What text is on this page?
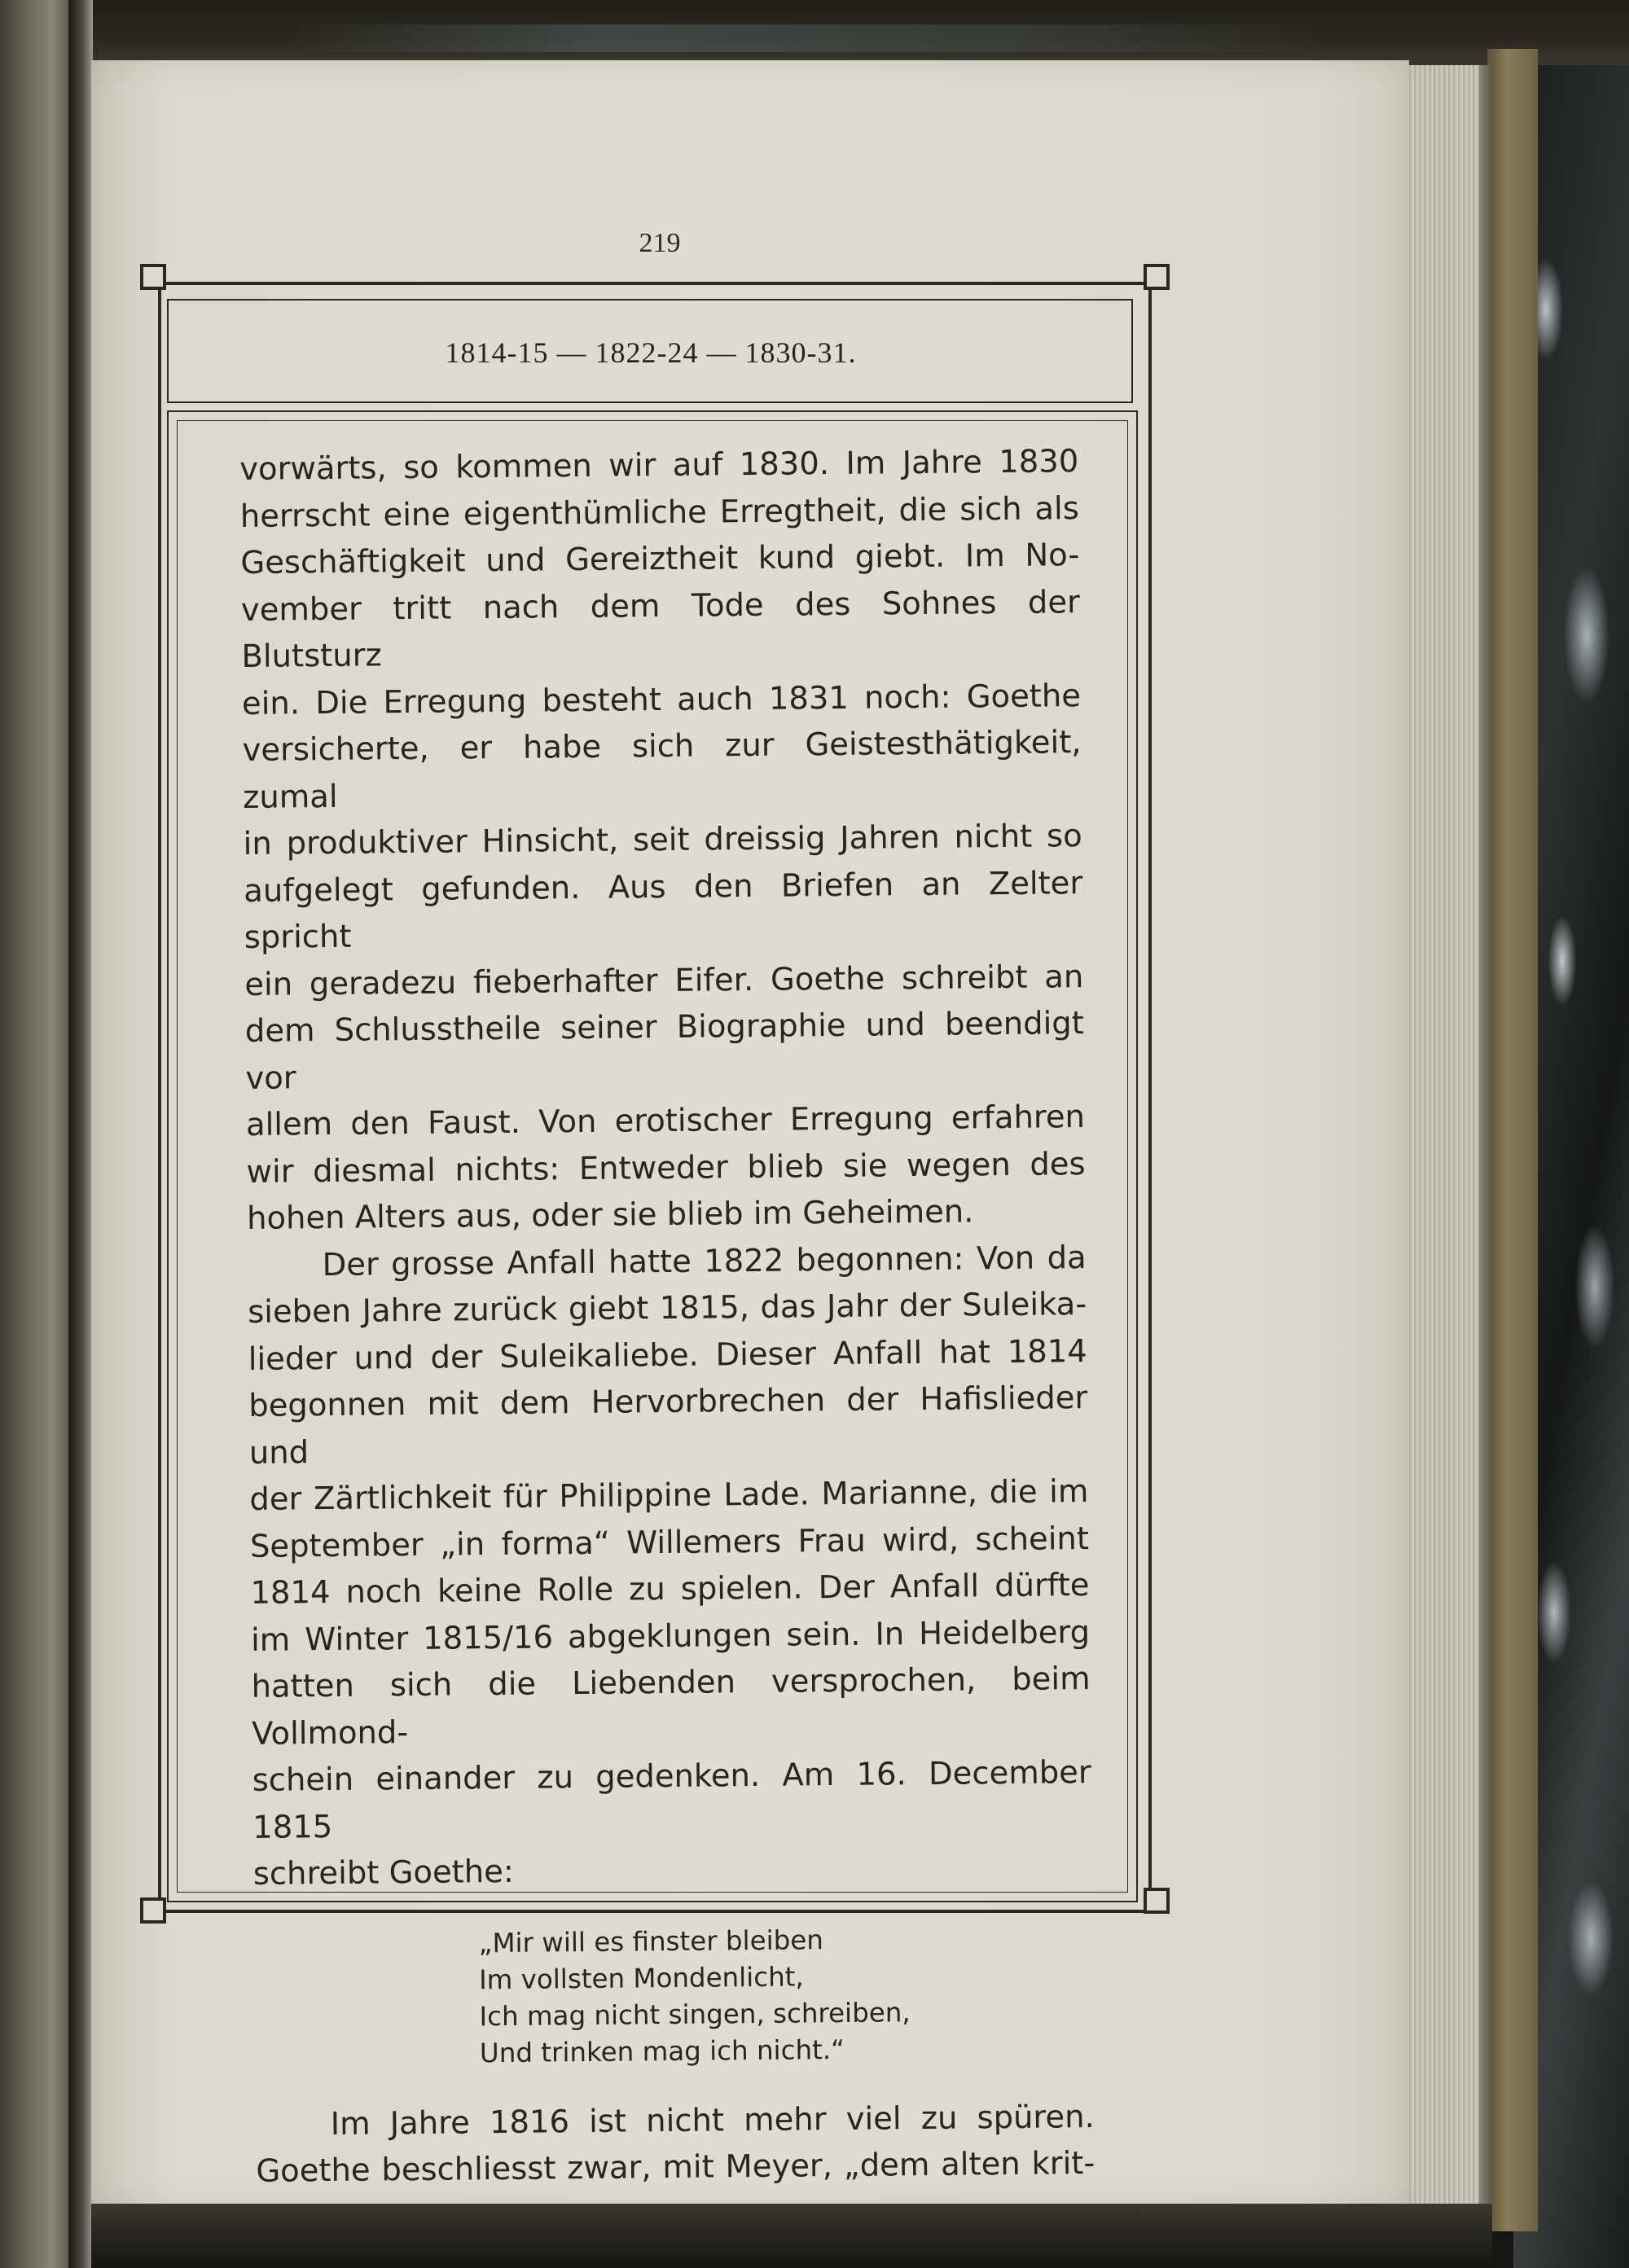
219
1814-15 — 1822-24 — 1830-31.

vorwärts, so kommen wir auf 1830. Im Jahre 1830

herrscht eine eigenthümliche Erregtheit, die sich als

Geschäftigkeit und Gereiztheit kund giebt. Im No-

vember tritt nach dem Tode des Sohnes der Blutsturz

ein. Die Erregung besteht auch 1831 noch: Goethe

versicherte, er habe sich zur Geistesthätigkeit, zumal

in produktiver Hinsicht, seit dreissig Jahren nicht so

aufgelegt gefunden. Aus den Briefen an Zelter spricht

ein geradezu fieberhafter Eifer. Goethe schreibt an

dem Schlusstheile seiner Biographie und beendigt vor

allem den Faust. Von erotischer Erregung erfahren

wir diesmal nichts: Entweder blieb sie wegen des

hohen Alters aus, oder sie blieb im Geheimen.

Der grosse Anfall hatte 1822 begonnen: Von da

sieben Jahre zurück giebt 1815, das Jahr der Suleika-

lieder und der Suleikaliebe. Dieser Anfall hat 1814

begonnen mit dem Hervorbrechen der Hafislieder und

der Zärtlichkeit für Philippine Lade. Marianne, die im

September „in forma“ Willemers Frau wird, scheint

1814 noch keine Rolle zu spielen. Der Anfall dürfte

im Winter 1815/16 abgeklungen sein. In Heidelberg

hatten sich die Liebenden versprochen, beim Vollmond-

schein einander zu gedenken. Am 16. December 1815

schreibt Goethe:

„Mir will es finster bleiben
Im vollsten Mondenlicht,
Ich mag nicht singen, schreiben,
Und trinken mag ich nicht.“

Im Jahre 1816 ist nicht mehr viel zu spüren.

Goethe beschliesst zwar, mit Meyer, „dem alten krit-
